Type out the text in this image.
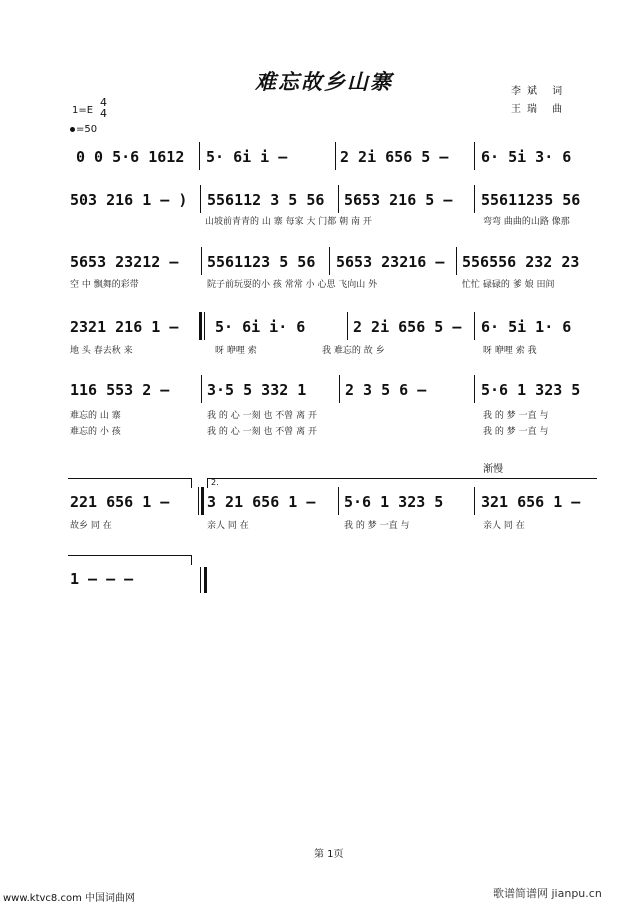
难忘故乡山寨	李斌 词
王瑞 曲
1=E
4
4
=50
0 0 5·6 1612 5· 6i i –	2 2i 656 5 – 6· 5i 3· 6
503 216 1 – ) 556112 3 5 56 5653 216 5 – 55611235 56
山坡前青青的 山 寨 每家 大 门都 朝 南 开	弯弯 曲曲的山路 像那
5653 23212 – 5561123 5 56 5653 23216 – 556556 232 23
空 中 飘舞的彩带	院子前玩耍的小 孩 常常 小 心思 飞向山 外	忙忙 碌碌的 爹 娘 田间
2321 216 1 – 5· 6i i· 6	2 2i 656 5 – 6· 5i 1· 6
地 头 春去秋 来	呀 咿哩 索	我 难忘的 故 乡	呀 咿哩 索 我
116 553 2 –	3·5 5 332 1	2 3 5 6 –	5·6 1 323 5
难忘的 山 寨	我 的 心 一刻 也 不曾 离 开	我 的 梦 一直 与
难忘的 小 孩	我 的 心 一刻 也 不曾 离 开	我 的 梦 一直 与
2.
渐慢
221 656 1 –	3 21 656 1 – 5·6 1 323 5	321 656 1 –
故乡 同 在	亲人 同 在	我 的 梦 一直 与	亲人 同 在
1 – – –
第 1页
www.ktvc8.com 中国词曲网	歌谱简谱网 jianpu.cn
